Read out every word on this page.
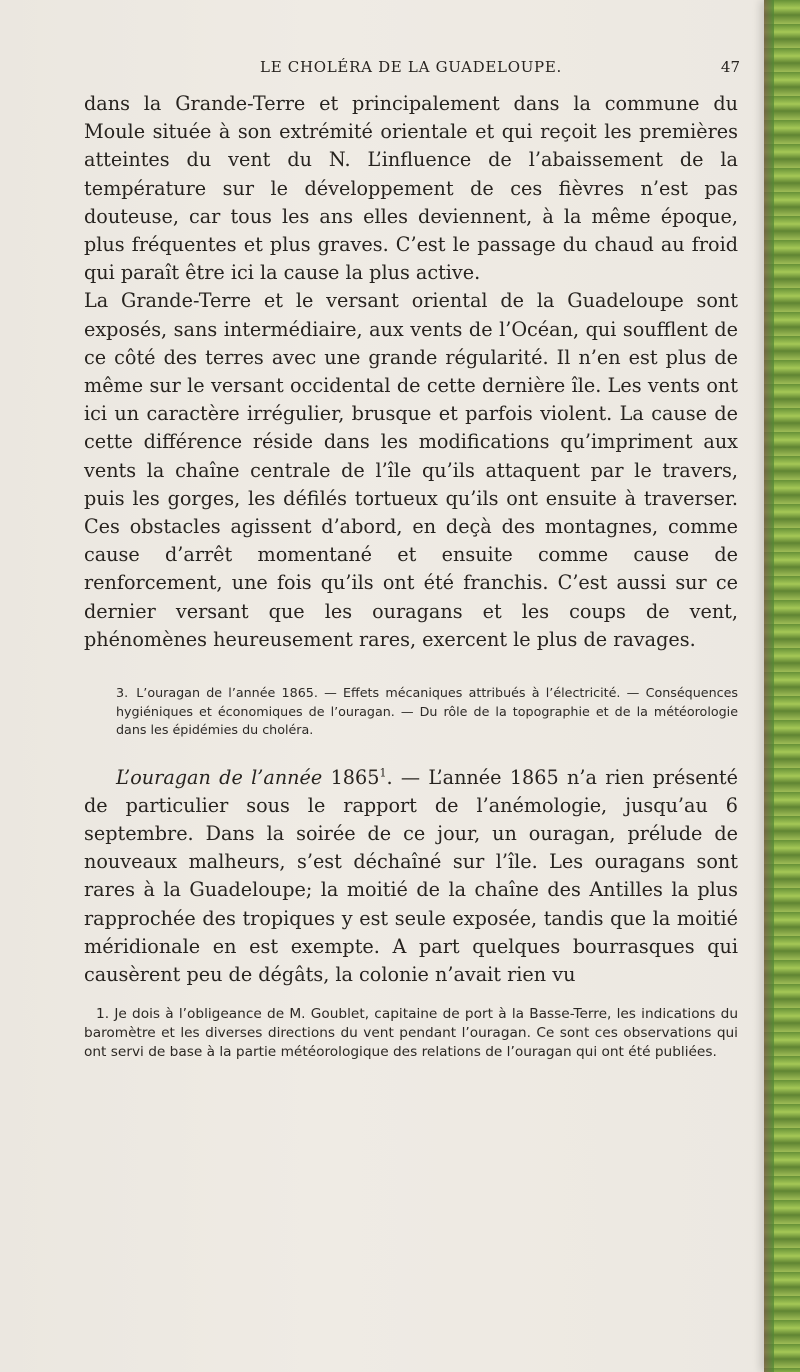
LE CHOLÉRA DE LA GUADELOUPE.	47

dans la Grande-Terre et principalement dans la commune du Moule située à son extrémité orientale et qui reçoit les premières atteintes du vent du N. L’influence de l’abaissement de la température sur le développement de ces fièvres n’est pas douteuse, car tous les ans elles deviennent, à la même époque, plus fréquentes et plus graves. C’est le passage du chaud au froid qui paraît être ici la cause la plus active.

La Grande-Terre et le versant oriental de la Guadeloupe sont exposés, sans intermédiaire, aux vents de l’Océan, qui soufflent de ce côté des terres avec une grande régularité. Il n’en est plus de même sur le versant occidental de cette dernière île. Les vents ont ici un caractère irrégulier, brusque et parfois violent. La cause de cette différence réside dans les modifications qu’impriment aux vents la chaîne centrale de l’île qu’ils attaquent par le travers, puis les gorges, les défilés tortueux qu’ils ont ensuite à traverser. Ces obstacles agissent d’abord, en deçà des montagnes, comme cause d’arrêt momentané et ensuite comme cause de renforcement, une fois qu’ils ont été franchis. C’est aussi sur ce dernier versant que les ouragans et les coups de vent, phénomènes heureusement rares, exercent le plus de ravages.

3. L’ouragan de l’année 1865. — Effets mécaniques attribués à l’électricité. — Conséquences hygiéniques et économiques de l’ouragan. — Du rôle de la topographie et de la météorologie dans les épidémies du choléra.

L’ouragan de l’année 1865$^1$. — L’année 1865 n’a rien présenté de particulier sous le rapport de l’anémologie, jusqu’au 6 septembre. Dans la soirée de ce jour, un ouragan, prélude de nouveaux malheurs, s’est déchaîné sur l’île. Les ouragans sont rares à la Guadeloupe; la moitié de la chaîne des Antilles la plus rapprochée des tropiques y est seule exposée, tandis que la moitié méridionale en est exempte. A part quelques bourrasques qui causèrent peu de dégâts, la colonie n’avait rien vu

1. Je dois à l’obligeance de M. Goublet, capitaine de port à la Basse-Terre, les indications du baromètre et les diverses directions du vent pendant l’ouragan. Ce sont ces observations qui ont servi de base à la partie météorologique des relations de l’ouragan qui ont été publiées.
